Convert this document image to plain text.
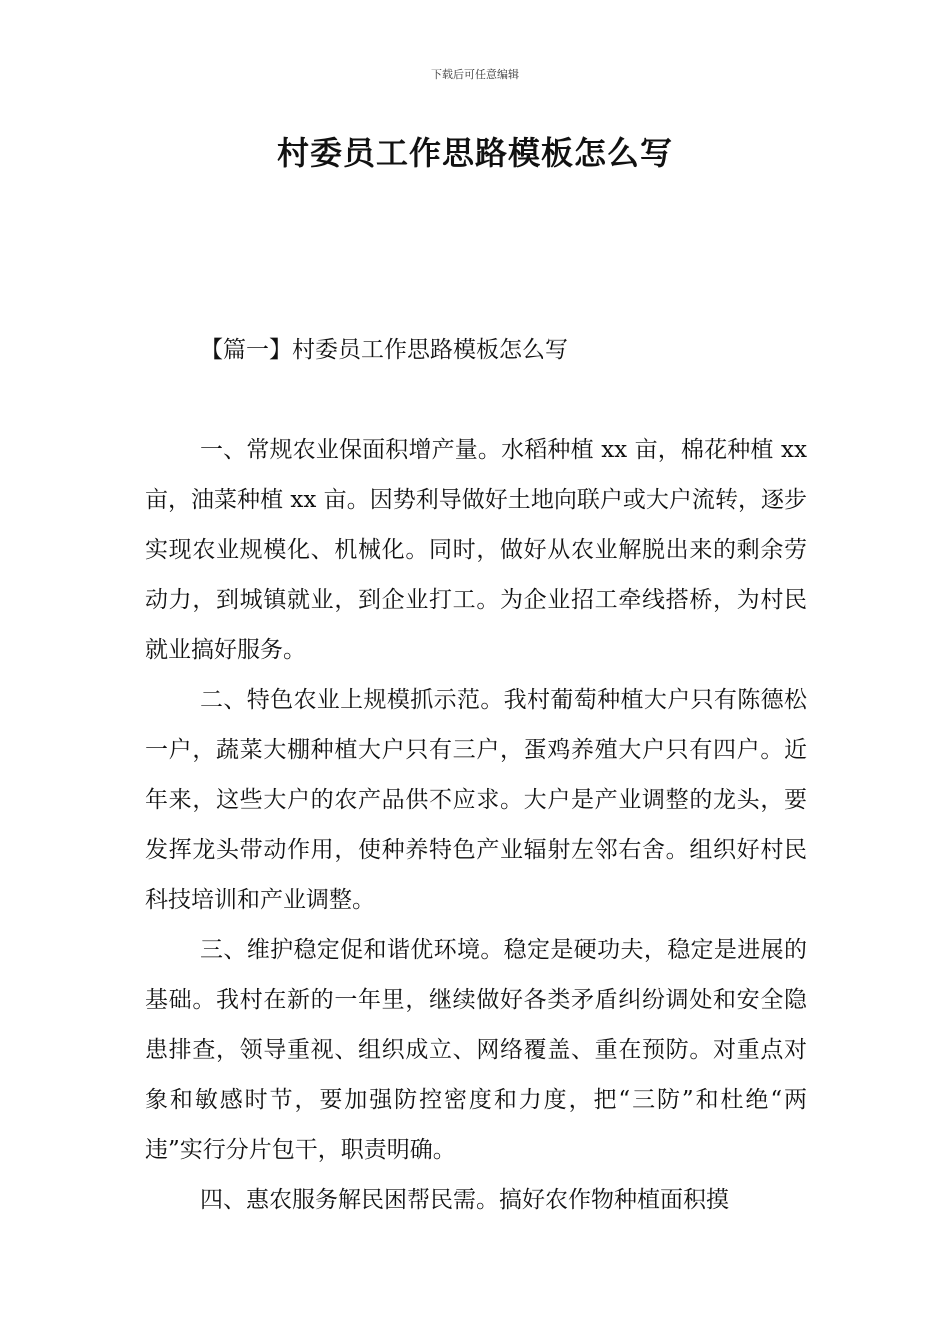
下载后可任意编辑
村委员工作思路模板怎么写
【篇一】村委员工作思路模板怎么写

一、常规农业保面积增产量。水稻种植 xx 亩，棉花种植 xx 亩，油菜种植 xx 亩。因势利导做好土地向联户或大户流转，逐步实现农业规模化、机械化。同时，做好从农业解脱出来的剩余劳动力，到城镇就业，到企业打工。为企业招工牵线搭桥，为村民就业搞好服务。

二、特色农业上规模抓示范。我村葡萄种植大户只有陈德松一户，蔬菜大棚种植大户只有三户，蛋鸡养殖大户只有四户。近年来，这些大户的农产品供不应求。大户是产业调整的龙头，要发挥龙头带动作用，使种养特色产业辐射左邻右舍。组织好村民科技培训和产业调整。

三、维护稳定促和谐优环境。稳定是硬功夫，稳定是进展的基础。我村在新的一年里，继续做好各类矛盾纠纷调处和安全隐患排查，领导重视、组织成立、网络覆盖、重在预防。对重点对象和敏感时节，要加强防控密度和力度，把“三防”和杜绝“两违”实行分片包干，职责明确。

四、惠农服务解民困帮民需。搞好农作物种植面积摸
